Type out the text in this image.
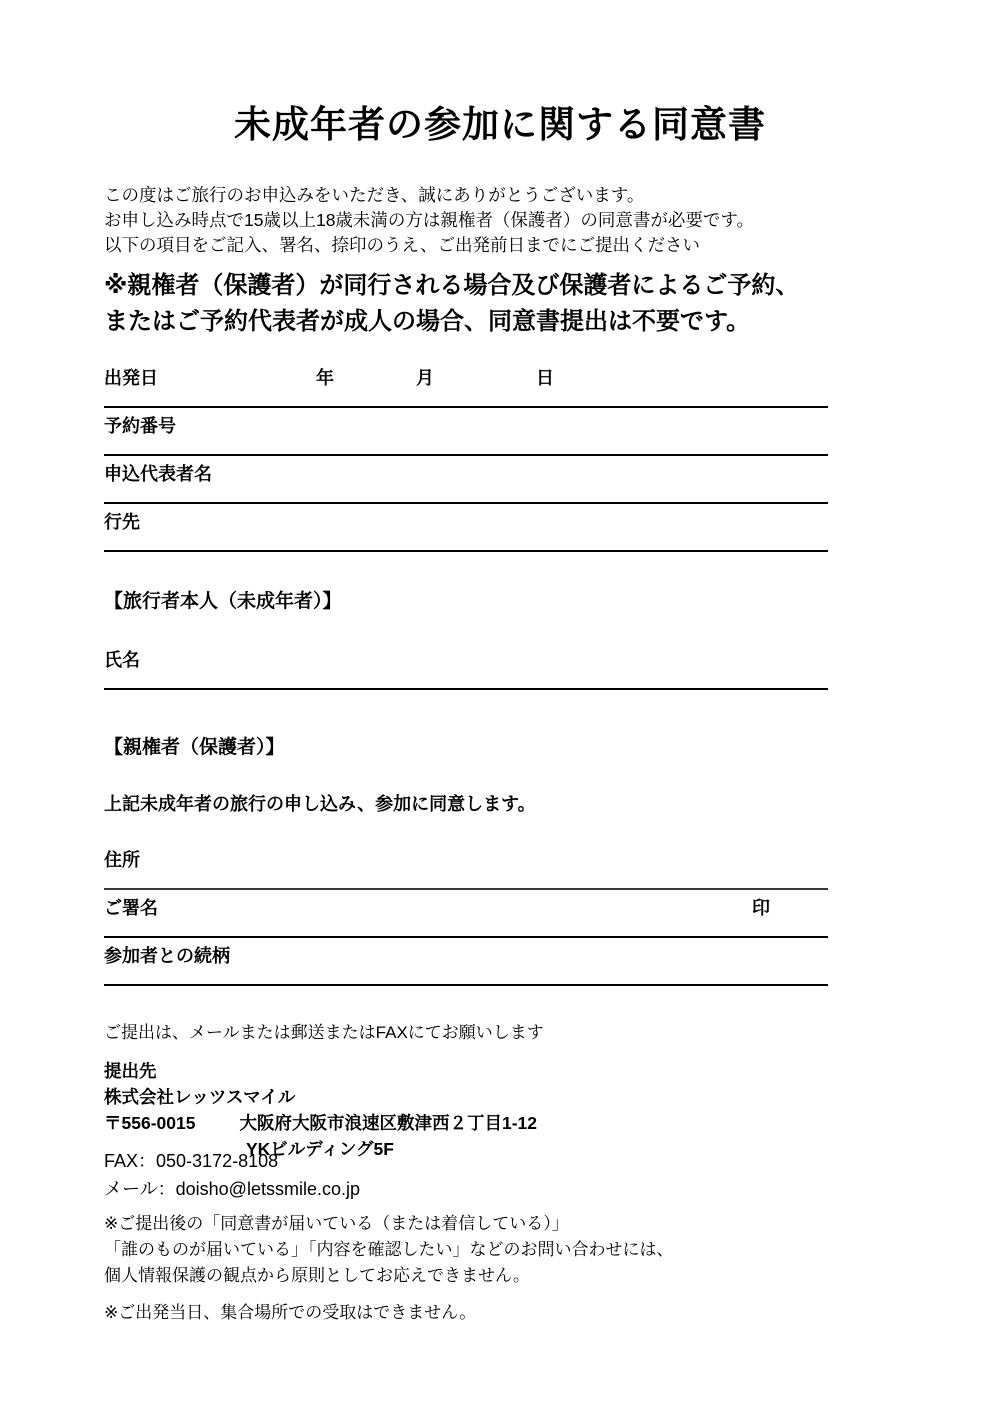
未成年者の参加に関する同意書
この度はご旅行のお申込みをいただき、誠にありがとうございます。
お申し込み時点で15歳以上18歳未満の方は親権者（保護者）の同意書が必要です。
以下の項目をご記入、署名、捺印のうえ、ご出発前日までにご提出ください
※親権者（保護者）が同行される場合及び保護者によるご予約、
またはご予約代表者が成人の場合、同意書提出は不要です。
出発日	年	月	日
予約番号
申込代表者名
行先
【旅行者本人（未成年者）】
氏名
【親権者（保護者）】
上記未成年者の旅行の申し込み、参加に同意します。
住所
ご署名	印
参加者との続柄
ご提出は、メールまたは郵送またはFAXにてお願いします
提出先
株式会社レッツスマイル
〒556-0015	大阪府大阪市浪速区敷津西２丁目1-12
YKビルディング5F
FAX：050-3172-8108
メール：doisho@letssmile.co.jp
※ご提出後の「同意書が届いている（または着信している）」
「誰のものが届いている」「内容を確認したい」などのお問い合わせには、
個人情報保護の観点から原則としてお応えできません。
※ご出発当日、集合場所での受取はできません。
